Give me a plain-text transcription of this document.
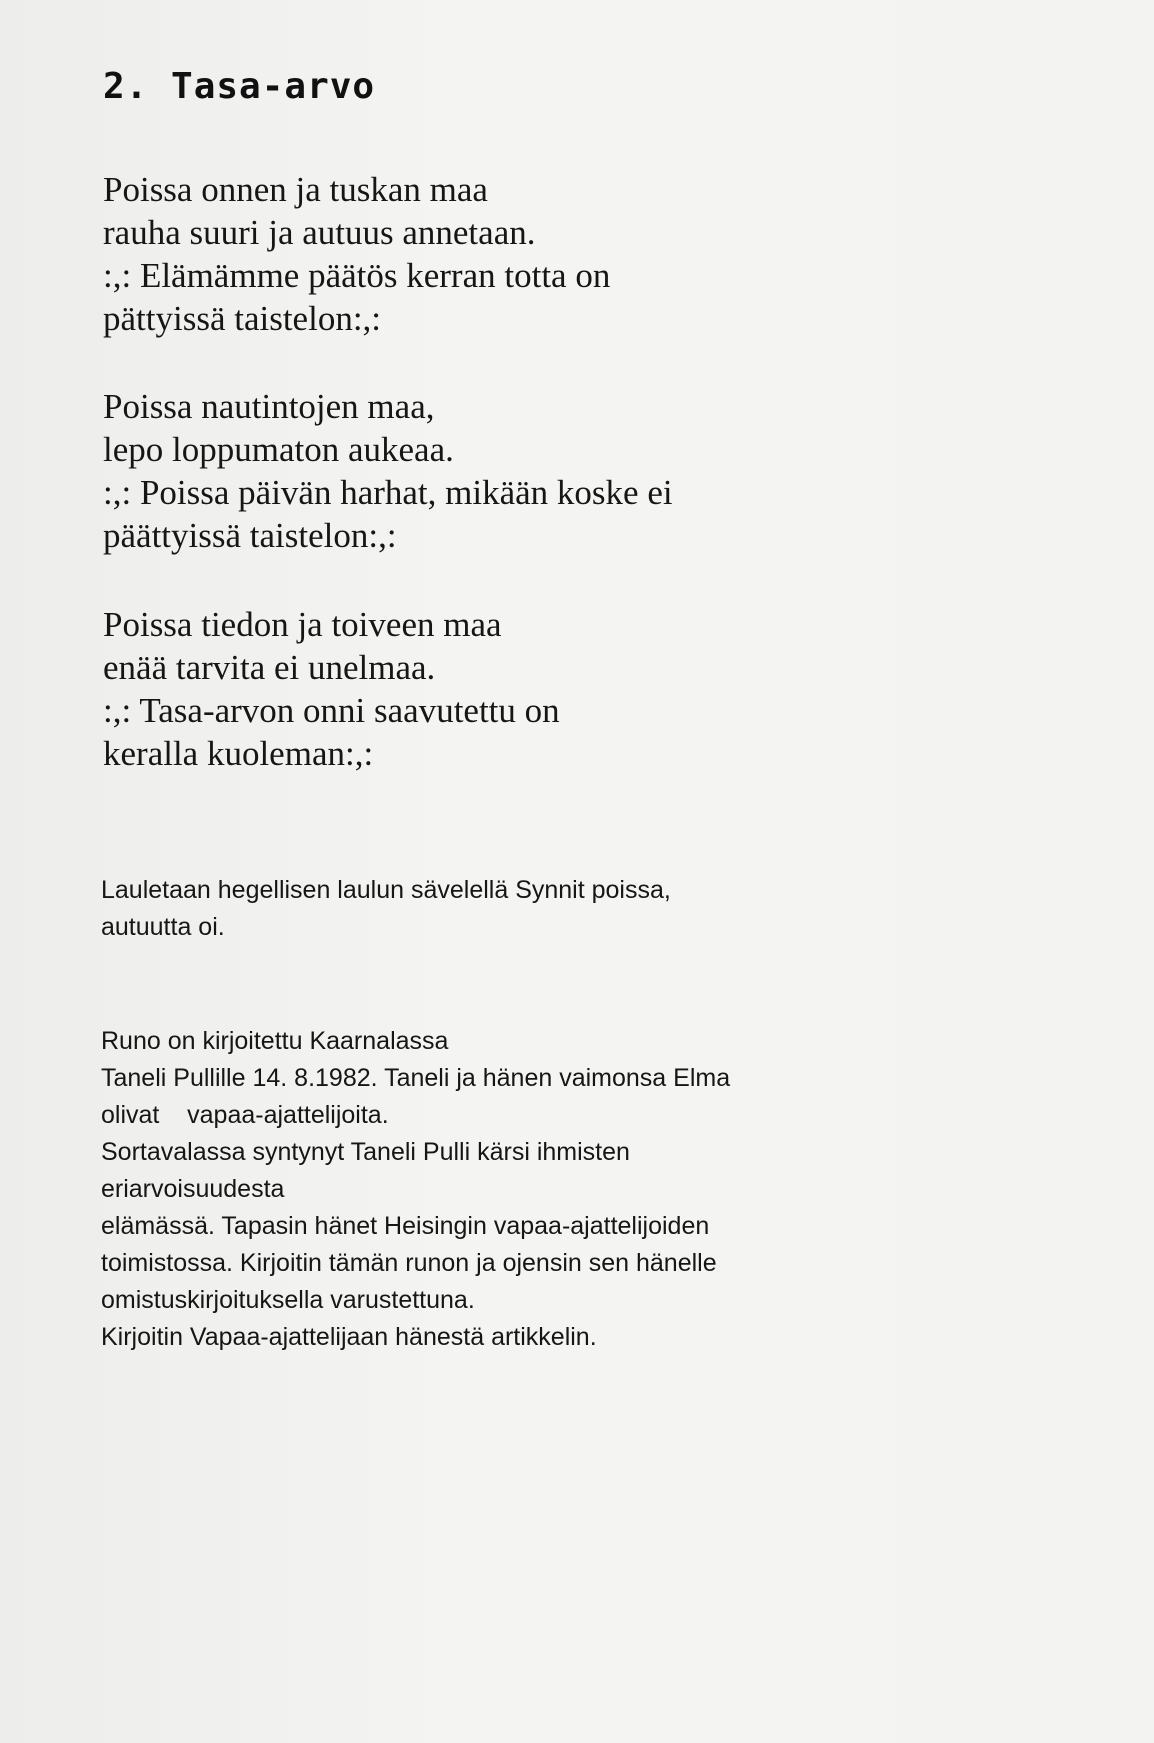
2. Tasa-arvo

Poissa onnen ja tuskan maa
rauha suuri ja autuus annetaan.
:,: Elämämme päätös kerran totta on
pättyissä taistelon:,:

Poissa nautintojen maa,
lepo loppumaton aukeaa.
:,: Poissa päivän harhat, mikään koske ei
päättyissä taistelon:,:

Poissa tiedon ja toiveen maa
enää tarvita ei unelmaa.
:,: Tasa-arvon onni saavutettu on
keralla kuoleman:,:

Lauletaan hegellisen laulun sävelellä Synnit poissa,
autuutta oi.

Runo on kirjoitettu Kaarnalassa
Taneli Pullille 14. 8.1982. Taneli ja hänen vaimonsa Elma
olivat    vapaa-ajattelijoita.
Sortavalassa syntynyt Taneli Pulli kärsi ihmisten
eriarvoisuudesta
elämässä. Tapasin hänet Heisingin vapaa-ajattelijoiden
toimistossa. Kirjoitin tämän runon ja ojensin sen hänelle
omistuskirjoituksella varustettuna.
Kirjoitin Vapaa-ajattelijaan hänestä artikkelin.
